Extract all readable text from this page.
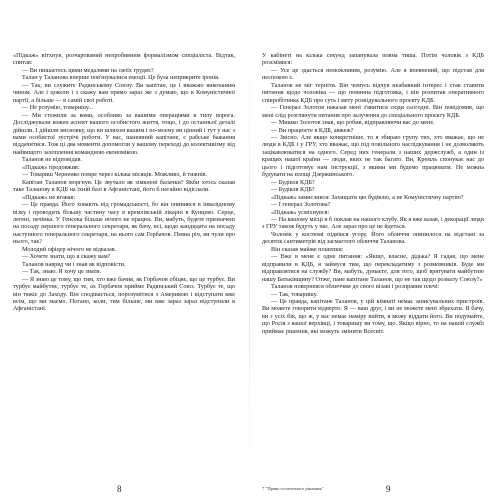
«Підкаж» вітхнув, розчарований непробивним формалізмом спеціаліста. Відтак, спитав:

— Ви пишаєтесь цими медалями на своїх грудях?

Талан у Таланова вперше пов'язувалися емоції. Це була неприкрите іронія.

— Так, ви служите Радянському Союзу. Ви капітан, це і вважаю виконаним чином. Але і цоколи і з скажу вам прямо зараз же з думаю, що в Комуністичної партії, а більше — в самій свої роботі.

— Не розумію, товаришу...

— Ми стежили за вами, особливо за вашими операціями в тилу ворога. Досліджували кожен аспект вашого особистого життя, тощо, і до останньої деталі дійшли. І дійшли висновку, що ви шляхом вашим і по-моєму ви цінний і тут у нас з вами особистої зустрічі роботи. У вас, шановний капітане, є рабське бажання віддачитися. Тож ці два моменти допомогли у вашому переході до колективізму від найвищого захоплення командною економікою.

Таланов не відповідав.

«Підкаж» продовжив:

— Товариш Черненко помре через кілька місяців. Можливо, й тижнів.

Капітан Таланов моргнув. Це звучало як зімкнені балачки? Якби хтось сказав таке Таланову в КДБ на їхній базі в Афганістані, його б негайно відіслали.

«Підкаж» не вгавав:

— Це правда. Його ховають від громадськості, бо він опинився в інвалідному візку і проводить більшу частину часу в кремлівській лікарні в Кунцево. Серце, легені, печінка. У Генсека більше нічого не працює. Ви, мабуть, будете призначені на посаду першого генерального секретаря, як бачу, всі, щодо кандидата на посаду наступного генерального секретаря, на нього сам Горбачов. Певна річ, ви чули про нього, так?

Молодий офіцер нічого не відказав.

— Хочете знати, що я скажу вам?

Таланов навряд чи і знав як відповісти.

— Так, знаю. Я хочу це знати.

— Я знаю це тому, що тим, хто вже бачив, як Горбачов обіцяє, що це турбує. Ви турбує майбутнє, турбує те, ах Горбачов прийме Радянський Союз. Турбує те, що він тяжіє до Заходу. Він сподівається, порозумітися з Америкою і відступати вже всім, що ми маємо. Погано, коли, тим більше, ми вже зараз зараз відступили в Афганістані.

8

У кабінеті на кілька секунд запанувала повна тиша. Потім чоловік з КДБ розсміявся:

— Усе це здається неможливим, розумію. Але я впевнений, що підстав для неспокою є.

Таланов не міг терпіти. Він чомусь відчув неабиякий інтерес і став ставити питання щодо чоловіка — що повинна підготовка, і він розпитав оперативного співробітника КДБ про суть і мету розвідувального проєкту КДБ.

— Генерал Золотов наказав мені з'явитися сюди сьогодні. Він повідомив, що мені слід розглянути питання про залучення до спеціального проєкту КДБ.

— Мишко Золотов знав, що робив, відправляючи вас до мене.

— Ви працюєте в КДБ, авжеж?

— Звісно. Але якщо конкретніше, то я збираю групу тих, хто вважає, що не люди в КДБ і у ГРУ, хто вважає, що під повільного наслідкування і не дозволяють зацікавлюватися на одного. Серед них генерали з наших держслужб, а один із кращих нашої країни — люди, яких не так багато. Ви, Кремль спонукає нас до цього і підготовує нам інструкції, з якими ми будемо працювати. Не можна будувати на площі Дзержинського.

— Будівля КДБ?

— Будівля КДБ?

«Підкаж» замислився: Захищати цю будівлю, а не Комуністичну партію?

— І генерал Золотова?

«Підкаж» усміхнувся:

— На вашому місці я б поклав на нашого клубу. Як я вже казав, і декорації люди з ГРУ також будуть у нас. Але зараз про це не йдеться.

Чоловік у костюмі підвівся угору. Його обличчя опинилося на відстані за десяток сантиметрів від засмаглого обличчя Таланова.

Він сказав майже пошепки:

— Вже в мене є одне питання: «Якщо, власне, дідька? Я гадав, що мене відправили в КДБ, я займуся тим, що перекладатиму з розмовників. Буде ми відправлятися на службу? Ви, мабуть, думаєте, для того, щоб врятувати майбутню нашу Батьківщину? Отже, пане капітане Таланов, що не так щодо розвалу Союзу?»

Таланов поверневся обличчям до свого візаві і розправив плечі:

— Так, товаришу.

— Це правда, капітане Таланов, у цій кімнаті немає записувальних пристроїв. Ви можете говорити відверто. Я — ваш друг, і ви не можете мені збрехати. Я бачу, ви з усіх бік, що ж, у вас немає наміру вийти, я можу віддати його. Ви подумайте, що Росія з вашої верхівці, і товаришу ви тому, що. Якщо вірно, то на нашій службі приймає рішення, які можуть змінити Всесвіт.

7 "Право остаточного рішення"	9
